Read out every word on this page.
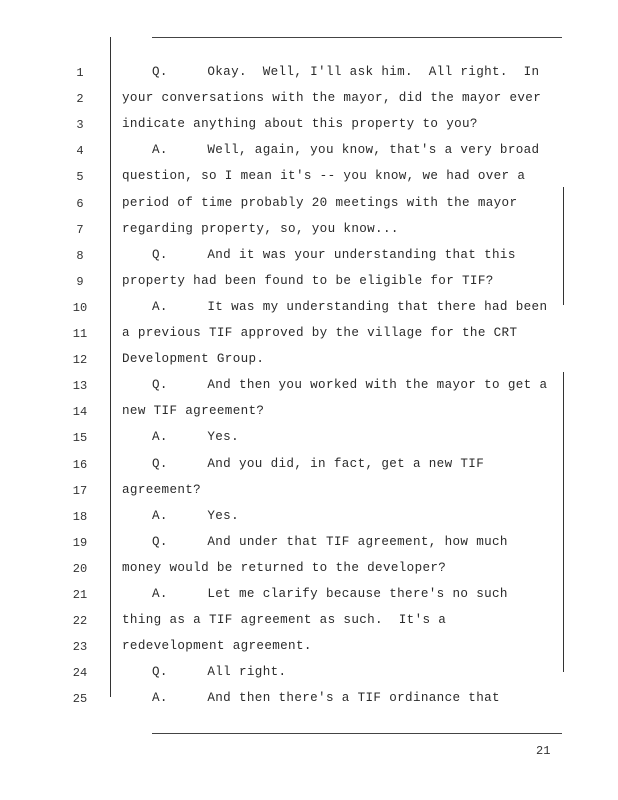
1	Q.     Okay.  Well, I'll ask him.  All right.  In
2	your conversations with the mayor, did the mayor ever
3	indicate anything about this property to you?
4	A.     Well, again, you know, that's a very broad
5	question, so I mean it's -- you know, we had over a
6	period of time probably 20 meetings with the mayor
7	regarding property, so, you know...
8	Q.     And it was your understanding that this
9	property had been found to be eligible for TIF?
10	A.     It was my understanding that there had been
11	a previous TIF approved by the village for the CRT
12	Development Group.
13	Q.     And then you worked with the mayor to get a
14	new TIF agreement?
15	A.     Yes.
16	Q.     And you did, in fact, get a new TIF
17	agreement?
18	A.     Yes.
19	Q.     And under that TIF agreement, how much
20	money would be returned to the developer?
21	A.     Let me clarify because there's no such
22	thing as a TIF agreement as such.  It's a
23	redevelopment agreement.
24	Q.     All right.
25	A.     And then there's a TIF ordinance that
21
